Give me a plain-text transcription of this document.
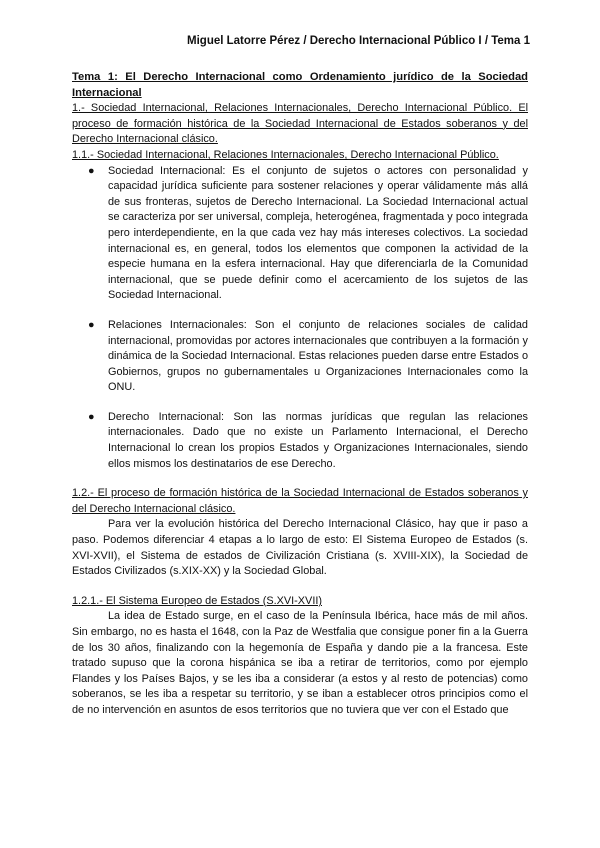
Miguel Latorre Pérez / Derecho Internacional Público I / Tema 1

Tema 1: El Derecho Internacional como Ordenamiento jurídico de la Sociedad Internacional

1.- Sociedad Internacional, Relaciones Internacionales, Derecho Internacional Público. El proceso de formación histórica de la Sociedad Internacional de Estados soberanos y del Derecho Internacional clásico.

1.1.- Sociedad Internacional, Relaciones Internacionales, Derecho Internacional Público.

● Sociedad Internacional: Es el conjunto de sujetos o actores con personalidad y capacidad jurídica suficiente para sostener relaciones y operar válidamente más allá de sus fronteras, sujetos de Derecho Internacional. La Sociedad Internacional actual se caracteriza por ser universal, compleja, heterogénea, fragmentada y poco integrada pero interdependiente, en la que cada vez hay más intereses colectivos. La sociedad internacional es, en general, todos los elementos que componen la actividad de la especie humana en la esfera internacional. Hay que diferenciarla de la Comunidad internacional, que se puede definir como el acercamiento de los sujetos de las Sociedad Internacional.
● Relaciones Internacionales: Son el conjunto de relaciones sociales de calidad internacional, promovidas por actores internacionales que contribuyen a la formación y dinámica de la Sociedad Internacional. Estas relaciones pueden darse entre Estados o Gobiernos, grupos no gubernamentales u Organizaciones Internacionales como la ONU.
● Derecho Internacional: Son las normas jurídicas que regulan las relaciones internacionales. Dado que no existe un Parlamento Internacional, el Derecho Internacional lo crean los propios Estados y Organizaciones Internacionales, siendo ellos mismos los destinatarios de ese Derecho.

1.2.- El proceso de formación histórica de la Sociedad Internacional de Estados soberanos y del Derecho Internacional clásico.

Para ver la evolución histórica del Derecho Internacional Clásico, hay que ir paso a paso. Podemos diferenciar 4 etapas a lo largo de esto: El Sistema Europeo de Estados (s. XVI-XVII), el Sistema de estados de Civilización Cristiana (s. XVIII-XIX), la Sociedad de Estados Civilizados (s.XIX-XX) y la Sociedad Global.

1.2.1.- El Sistema Europeo de Estados (S.XVI-XVII)

La idea de Estado surge, en el caso de la Península Ibérica, hace más de mil años. Sin embargo, no es hasta el 1648, con la Paz de Westfalia que consigue poner fin a la Guerra de los 30 años, finalizando con la hegemonía de España y dando pie a la francesa. Este tratado supuso que la corona hispánica se iba a retirar de territorios, como por ejemplo Flandes y los Países Bajos, y se les iba a considerar (a estos y al resto de potencias) como soberanos, se les iba a respetar su territorio, y se iban a establecer otros principios como el de no intervención en asuntos de esos territorios que no tuviera que ver con el Estado que
